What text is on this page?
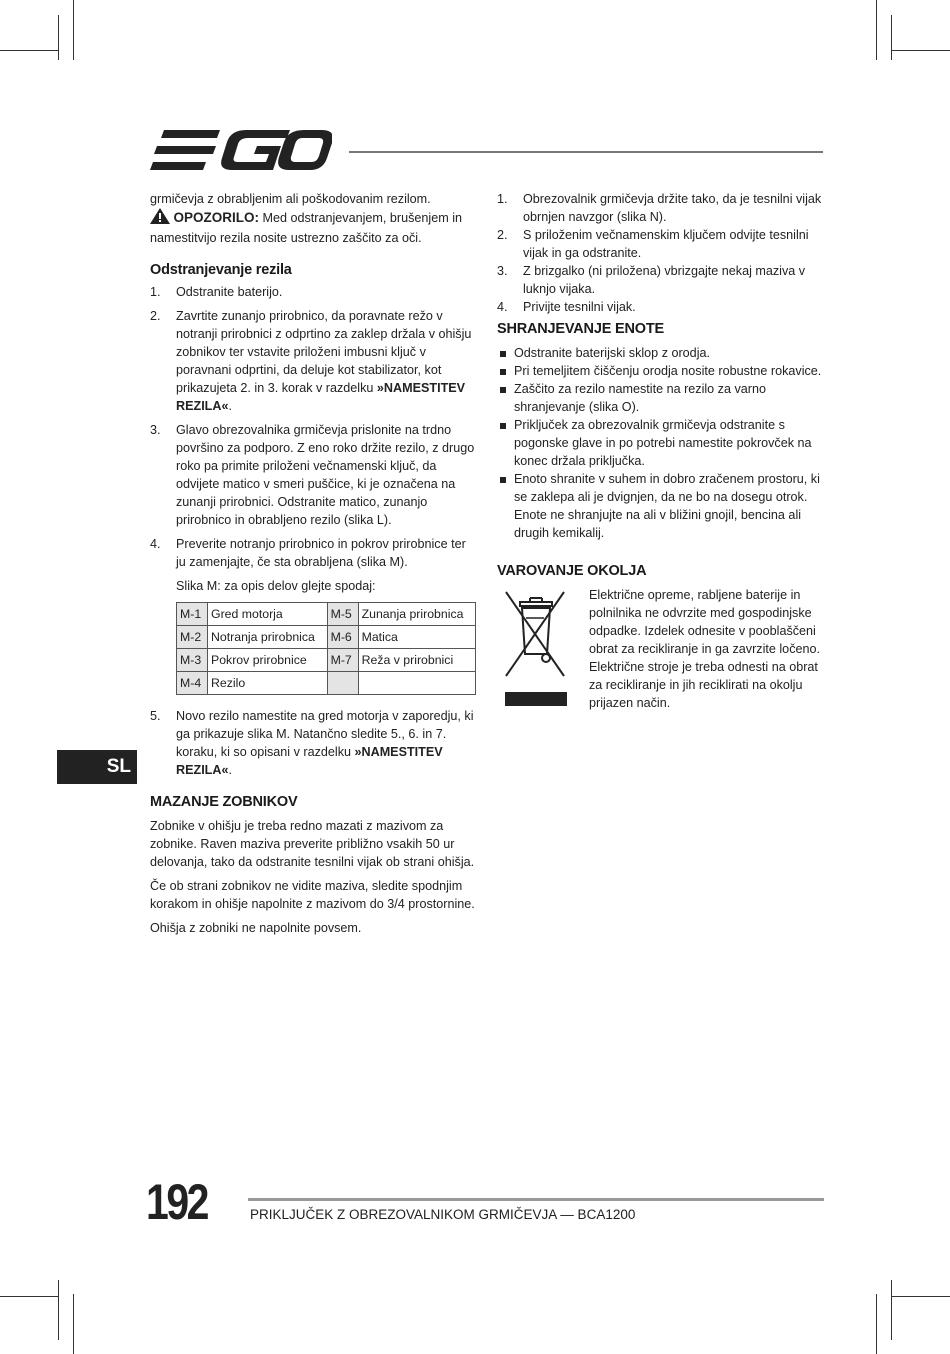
grmičevja z obrabljenim ali poškodovanim rezilom.
OPOZORILO: Med odstranjevanjem, brušenjem in namestitvijo rezila nosite ustrezno zaščito za oči.
Odstranjevanje rezila
1. Odstranite baterijo.
2. Zavrtite zunanjo prirobnico, da poravnate režo v notranji prirobnici z odprtino za zaklep držala v ohišju zobnikov ter vstavite priloženi imbusni ključ v poravnani odprtini, da deluje kot stabilizator, kot prikazujeta 2. in 3. korak v razdelku »NAMESTITEV REZILA«.
3. Glavo obrezovalnika grmičevja prislonite na trdno površino za podporo. Z eno roko držite rezilo, z drugo roko pa primite priloženi večnamenski ključ, da odvijete matico v smeri puščice, ki je označena na zunanji prirobnici. Odstranite matico, zunanjo prirobnico in obrabljeno rezilo (slika L).
4. Preverite notranjo prirobnico in pokrov prirobnice ter ju zamenjajte, če sta obrabljena (slika M).
Slika M: za opis delov glejte spodaj:
M-1	Gred motorja	M-5	Zunanja prirobnica
M-2	Notranja prirobnica	M-6	Matica
M-3	Pokrov prirobnice	M-7	Reža v prirobnici
M-4	Rezilo		
5. Novo rezilo namestite na gred motorja v zaporedju, ki ga prikazuje slika M. Natančno sledite 5., 6. in 7. koraku, ki so opisani v razdelku »NAMESTITEV REZILA«.
MAZANJE ZOBNIKOV

Zobnike v ohišju je treba redno mazati z mazivom za zobnike. Raven maziva preverite približno vsakih 50 ur delovanja, tako da odstranite tesnilni vijak ob strani ohišja.

Če ob strani zobnikov ne vidite maziva, sledite spodnjim korakom in ohišje napolnite z mazivom do 3/4 prostornine.

Ohišja z zobniki ne napolnite povsem.

1. Obrezovalnik grmičevja držite tako, da je tesnilni vijak obrnjen navzgor (slika N).
2. S priloženim večnamenskim ključem odvijte tesnilni vijak in ga odstranite.
3. Z brizgalko (ni priložena) vbrizgajte nekaj maziva v luknjo vijaka.
4. Privijte tesnilni vijak.
SHRANJEVANJE ENOTE
Odstranite baterijski sklop z orodja.
Pri temeljitem čiščenju orodja nosite robustne rokavice.
Zaščito za rezilo namestite na rezilo za varno shranjevanje (slika O).
Priključek za obrezovalnik grmičevja odstranite s pogonske glave in po potrebi namestite pokrovček na konec držala priključka.
Enoto shranite v suhem in dobro zračenem prostoru, ki se zaklepa ali je dvignjen, da ne bo na dosegu otrok. Enote ne shranjujte na ali v bližini gnojil, bencina ali drugih kemikalij.
VAROVANJE OKOLJA
Električne opreme, rabljene baterije in polnilnika ne odvrzite med gospodinjske odpadke. Izdelek odnesite v pooblaščeni obrat za recikliranje in ga zavrzite ločeno. Električne stroje je treba odnesti na obrat za recikliranje in jih reciklirati na okolju prijazen način.
SL
192	PRIKLJUČEK Z OBREZOVALNIKOM GRMIČEVJA — BCA1200
